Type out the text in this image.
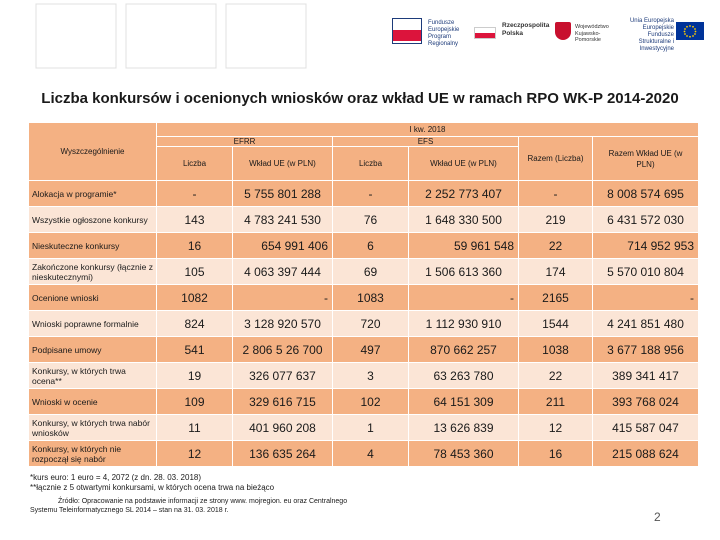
Fundusze Europejskie Program Regionalny
Rzeczpospolita Polska
Województwo Kujawsko-Pomorskie
Unia Europejska Europejskie Fundusze Strukturalne i Inwestycyjne
Liczba konkursów i ocenionych wniosków oraz wkład UE w ramach RPO WK-P 2014-2020
Wyszczególnienie	I kw. 2018					
	EFRR		EFS		Razem (Liczba)	Razem Wkład UE (w PLN)
	Liczba	Wkład UE (w PLN)	Liczba	Wkład UE (w PLN)		
Alokacja w programie*	-	5 755 801 288	-	2 252 773 407	-	8 008 574 695
Wszystkie ogłoszone konkursy	143	4 783 241 530	76	1 648 330 500	219	6 431 572 030
Nieskuteczne konkursy	16	654 991 406	6	59 961 548	22	714 952 953
Zakończone konkursy (łącznie z nieskutecznymi)	105	4 063 397 444	69	1 506 613 360	174	5 570 010 804
Ocenione wnioski	1082	-	1083	-	2165	-
Wnioski poprawne formalnie	824	3 128 920 570	720	1 112 930 910	1544	4 241 851 480
Podpisane umowy	541	2 806 5 26 700	497	870 662 257	1038	3 677 188 956
Konkursy, w których trwa ocena**	19	326 077 637	3	63 263 780	22	389 341 417
Wnioski w ocenie	109	329 616 715	102	64 151 309	211	393 768 024
Konkursy, w których trwa nabór wniosków	11	401 960 208	1	13 626 839	12	415 587 047
Konkursy, w których nie rozpoczął się nabór	12	136 635 264	4	78 453 360	16	215 088 624
*kurs euro: 1 euro = 4, 2072 (z dn. 28. 03. 2018)
**łącznie z 5 otwartymi konkursami, w których ocena trwa na bieżąco
Źródło: Opracowanie na podstawie informacji ze strony www. mojregion. eu oraz Centralnego
Systemu Teleinformatycznego SL 2014 – stan na 31. 03. 2018 r.	2
